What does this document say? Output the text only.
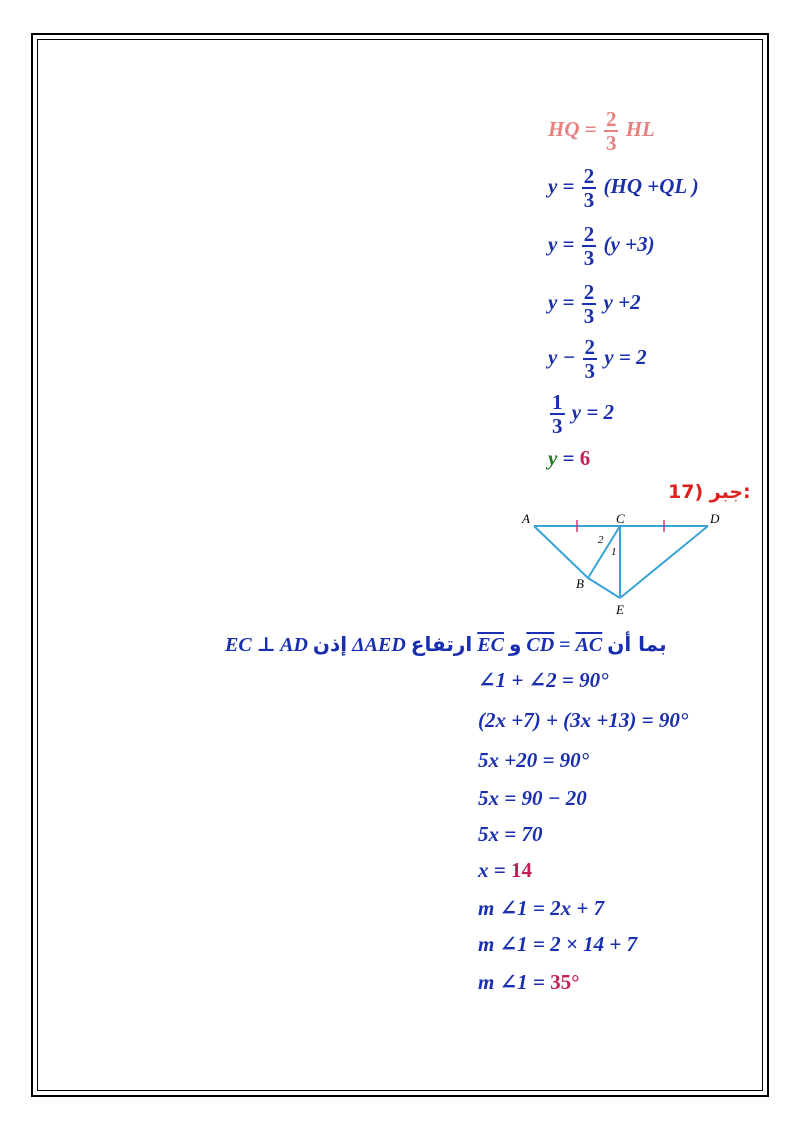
HQ = $\frac{2}{3}$ HL
$y = \frac{2}{3} (HQ +QL$ )
$y = \frac{2}{3} (y +3)$
$y = \frac{2}{3}$ y +2
$y - \frac{2}{3}$ y = 2
$\frac{1}{3}$ y = 2
y = 6
17) جبر:
A	C	D
B
E
1
2
EC ⊥ AD إذن ΔAED ارتفاع $\overline{EC}$ و $\overline{CD} = \overline{AC}$ بما أن
∠1 + ∠2 = 90°
(2x +7) + (3x +13) = 90°
5x +20 = 90°
5x = 90 − 20
5x = 70
x = 14
m ∠1 = 2x + 7
m ∠1 = 2 × 14 + 7
m ∠1 = 35°
